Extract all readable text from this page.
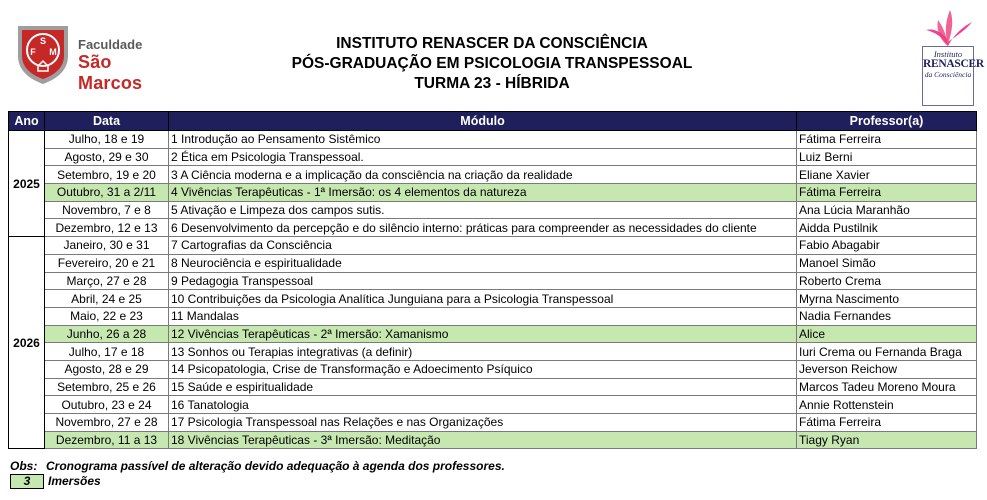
S
F M Faculdade
São Marcos
INSTITUTO RENASCER DA CONSCIÊNCIA
PÓS-GRADUAÇÃO EM PSICOLOGIA TRANSPESSOAL
TURMA 23 - HÍBRIDA
Instituto
RENASCER
da Consciência
Ano	Data	Módulo	Professor(a)
2025	Julho, 18 e 19	1 Introdução ao Pensamento Sistêmico	Fátima Ferreira
	Agosto, 29 e 30	2 Ética em Psicologia Transpessoal.	Luiz Berni
	Setembro, 19 e 20	3 A Ciência moderna e a implicação da consciência na criação da realidade	Eliane Xavier
	Outubro, 31 a 2/11	4 Vivências Terapêuticas - 1ª Imersão: os 4 elementos da natureza	Fátima Ferreira
	Novembro, 7 e 8	5 Ativação e Limpeza dos campos sutis.	Ana Lúcia Maranhão
	Dezembro, 12 e 13	6 Desenvolvimento da percepção e do silêncio interno: práticas para compreender as necessidades do cliente	Aidda Pustilnik
2026	Janeiro, 30 e 31	7 Cartografias da Consciência	Fabio Abagabir
	Fevereiro, 20 e 21	8 Neurociência e espiritualidade	Manoel Simão
	Março, 27 e 28	9 Pedagogia Transpessoal	Roberto Crema
	Abril, 24 e 25	10 Contribuições da Psicologia Analítica Junguiana para a Psicologia Transpessoal	Myrna Nascimento
	Maio, 22 e 23	11 Mandalas	Nadia Fernandes
	Junho, 26 a 28	12 Vivências Terapêuticas - 2ª Imersão: Xamanismo	Alice
	Julho, 17 e 18	13 Sonhos ou Terapias integrativas (a definir)	Iuri Crema ou Fernanda Braga
	Agosto, 28 e 29	14 Psicopatologia, Crise de Transformação e Adoecimento Psíquico	Jeverson Reichow
	Setembro, 25 e 26	15 Saúde e espiritualidade	Marcos Tadeu Moreno Moura
	Outubro, 23 e 24	16 Tanatologia	Annie Rottenstein
	Novembro, 27 e 28	17 Psicologia Transpessoal nas Relações e nas Organizações	Fátima Ferreira
	Dezembro, 11 a 13	18 Vivências Terapêuticas - 3ª Imersão: Meditação	Tiagy Ryan
Obs: Cronograma passível de alteração devido adequação à agenda dos professores.
3 Imersões
